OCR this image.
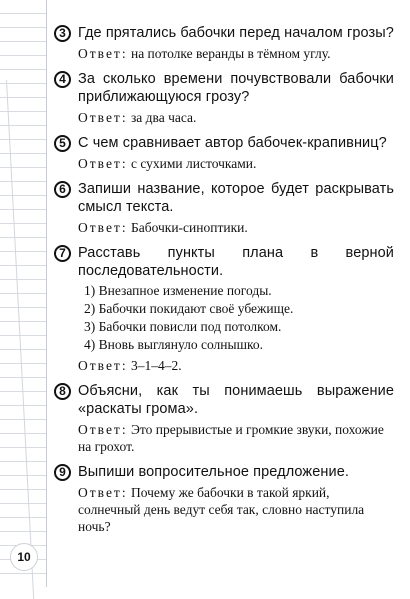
3 Где прятались бабочки перед началом грозы?
Ответ: на потолке веранды в тёмном углу.
4 За сколько времени почувствовали бабочки приближающуюся грозу?
Ответ: за два часа.
5 С чем сравнивает автор бабочек-крапивниц?
Ответ: с сухими листочками.
6 Запиши название, которое будет раскрывать смысл текста.
Ответ: Бабочки-синоптики.
7 Расставь пункты плана в верной последовательности.
1) Внезапное изменение погоды.
2) Бабочки покидают своё убежище.
3) Бабочки повисли под потолком.
4) Вновь выглянуло солнышко.
Ответ: 3–1–4–2.
8 Объясни, как ты понимаешь выражение «раскаты грома».
Ответ: Это прерывистые и громкие звуки, похожие на грохот.
9 Выпиши вопросительное предложение.
Ответ: Почему же бабочки в такой яркий, солнечный день ведут себя так, словно наступила ночь?
10
